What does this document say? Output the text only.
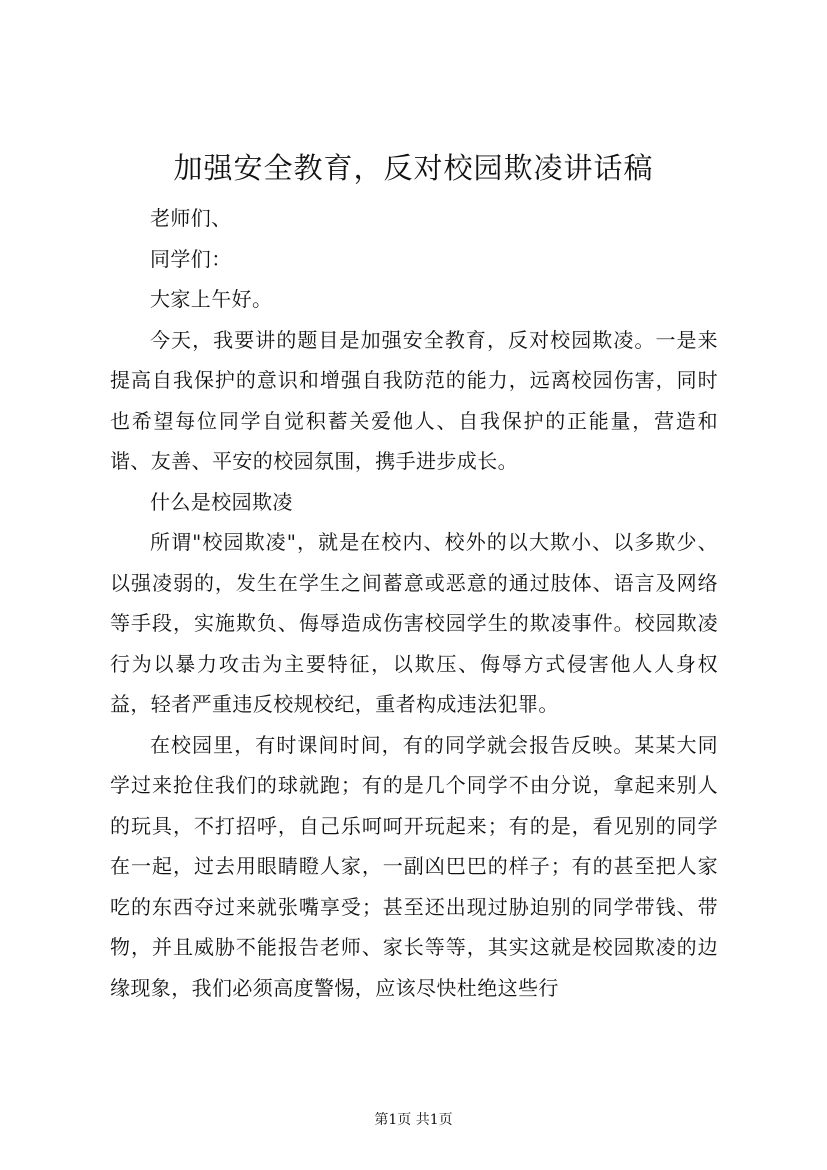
加强安全教育，反对校园欺凌讲话稿

老师们、

同学们：

大家上午好。

今天，我要讲的题目是加强安全教育，反对校园欺凌。一是来提高自我保护的意识和增强自我防范的能力，远离校园伤害，同时也希望每位同学自觉积蓄关爱他人、自我保护的正能量，营造和谐、友善、平安的校园氛围，携手进步成长。

什么是校园欺凌

所谓"校园欺凌"，就是在校内、校外的以大欺小、以多欺少、以强凌弱的，发生在学生之间蓄意或恶意的通过肢体、语言及网络等手段，实施欺负、侮辱造成伤害校园学生的欺凌事件。校园欺凌行为以暴力攻击为主要特征，以欺压、侮辱方式侵害他人人身权益，轻者严重违反校规校纪，重者构成违法犯罪。

在校园里，有时课间时间，有的同学就会报告反映。某某大同学过来抢住我们的球就跑；有的是几个同学不由分说，拿起来别人的玩具，不打招呼，自己乐呵呵开玩起来；有的是，看见别的同学在一起，过去用眼睛瞪人家，一副凶巴巴的样子；有的甚至把人家吃的东西夺过来就张嘴享受；甚至还出现过胁迫别的同学带钱、带物，并且威胁不能报告老师、家长等等，其实这就是校园欺凌的边缘现象，我们必须高度警惕，应该尽快杜绝这些行

第1页 共1页
